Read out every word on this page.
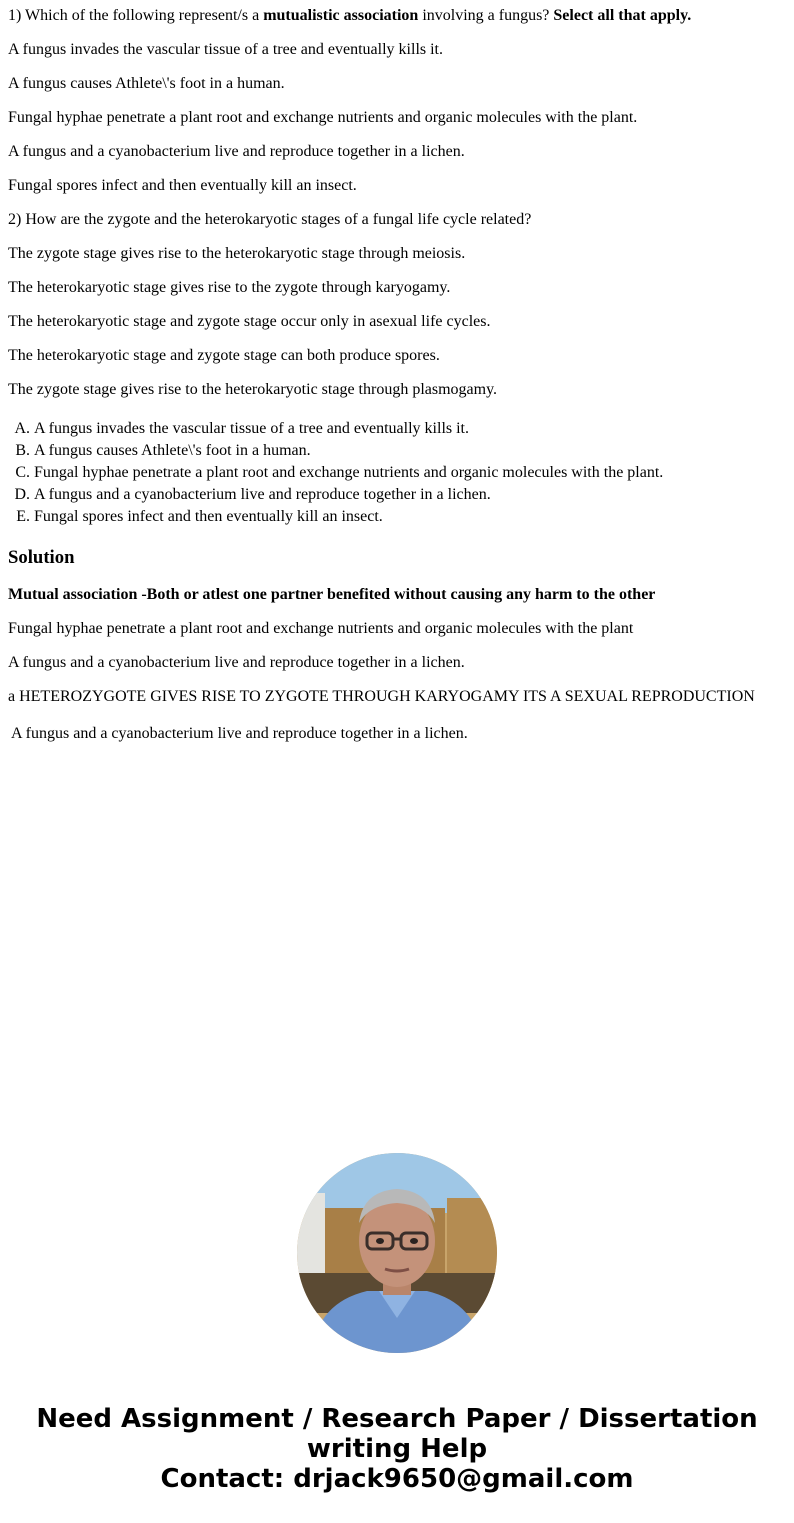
1) Which of the following represent/s a mutualistic association involving a fungus? Select all that apply.

A fungus invades the vascular tissue of a tree and eventually kills it.

A fungus causes Athlete\'s foot in a human.

Fungal hyphae penetrate a plant root and exchange nutrients and organic molecules with the plant.

A fungus and a cyanobacterium live and reproduce together in a lichen.

Fungal spores infect and then eventually kill an insect.

2) How are the zygote and the heterokaryotic stages of a fungal life cycle related?

The zygote stage gives rise to the heterokaryotic stage through meiosis.

The heterokaryotic stage gives rise to the zygote through karyogamy.

The heterokaryotic stage and zygote stage occur only in asexual life cycles.

The heterokaryotic stage and zygote stage can both produce spores.

The zygote stage gives rise to the heterokaryotic stage through plasmogamy.

A. A fungus invades the vascular tissue of a tree and eventually kills it.
B. A fungus causes Athlete\'s foot in a human.
C. Fungal hyphae penetrate a plant root and exchange nutrients and organic molecules with the plant.
D. A fungus and a cyanobacterium live and reproduce together in a lichen.
E. Fungal spores infect and then eventually kill an insect.
Solution

Mutual association -Both or atlest one partner benefited without causing any harm to the other

Fungal hyphae penetrate a plant root and exchange nutrients and organic molecules with the plant

A fungus and a cyanobacterium live and reproduce together in a lichen.

a HETEROZYGOTE GIVES RISE TO ZYGOTE THROUGH KARYOGAMY ITS A SEXUAL REPRODUCTION

A fungus and a cyanobacterium live and reproduce together in a lichen.

Need Assignment / Research Paper / Dissertation
writing Help
Contact: drjack9650@gmail.com
